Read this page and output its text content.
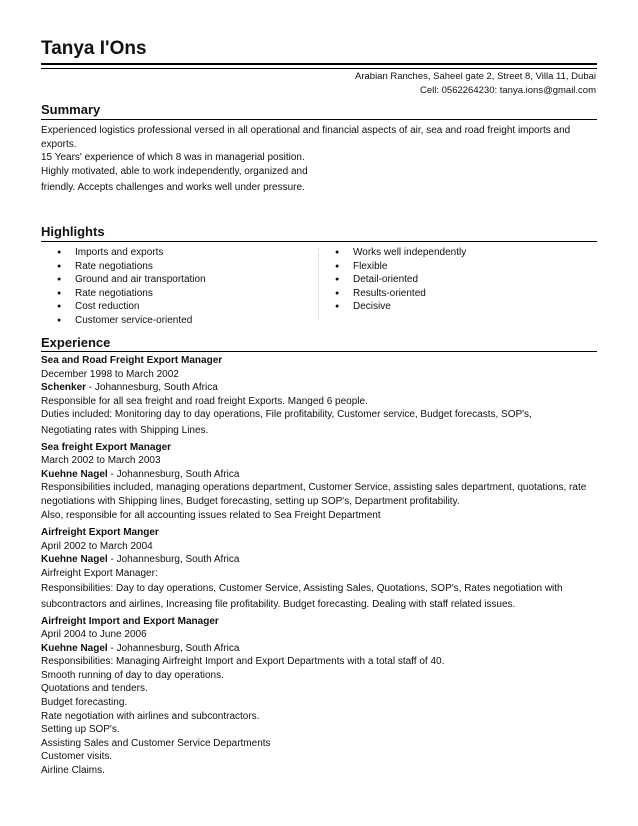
Tanya I'Ons
Arabian Ranches, Saheel gate 2, Street 8, Villa 11, Dubai
Cell: 0562264230: tanya.ions@gmail.com
Summary

Experienced logistics professional versed in all operational and financial aspects of air, sea and road freight imports and exports.

15 Years' experience of which 8 was in managerial position.

Highly motivated, able to work independently, organized and

friendly. Accepts challenges and works well under pressure.

Highlights
● Imports and exports
● Rate negotiations
● Ground and air transportation
● Rate negotiations
● Cost reduction
● Customer service-oriented
● Works well independently
● Flexible
● Detail-oriented
● Results-oriented
● Decisive
Experience

Sea and Road Freight Export Manager

December 1998 to March 2002

Schenker - Johannesburg, South Africa

Responsible for all sea freight and road freight Exports. Manged 6 people.

Duties included: Monitoring day to day operations, File profitability, Customer service, Budget forecasts, SOP's,

Negotiating rates with Shipping Lines.

Sea freight Export Manager

March 2002 to March 2003

Kuehne Nagel - Johannesburg, South Africa

Responsibilities included, managing operations department, Customer Service, assisting sales department, quotations, rate negotiations with Shipping lines, Budget forecasting, setting up SOP's, Department profitability.

Also, responsible for all accounting issues related to Sea Freight Department

Airfreight Export Manger

April 2002 to March 2004

Kuehne Nagel - Johannesburg, South Africa

Airfreight Export Manager:

Responsibilities: Day to day operations, Customer Service, Assisting Sales, Quotations, SOP's, Rates negotiation with subcontractors and airlines, Increasing file profitability. Budget forecasting. Dealing with staff related issues.

Airfreight Import and Export Manager

April 2004 to June 2006

Kuehne Nagel - Johannesburg, South Africa

Responsibilities: Managing Airfreight Import and Export Departments with a total staff of 40.

Smooth running of day to day operations.

Quotations and tenders.

Budget forecasting.

Rate negotiation with airlines and subcontractors.

Setting up SOP's.

Assisting Sales and Customer Service Departments

Customer visits.

Airline Claims.
